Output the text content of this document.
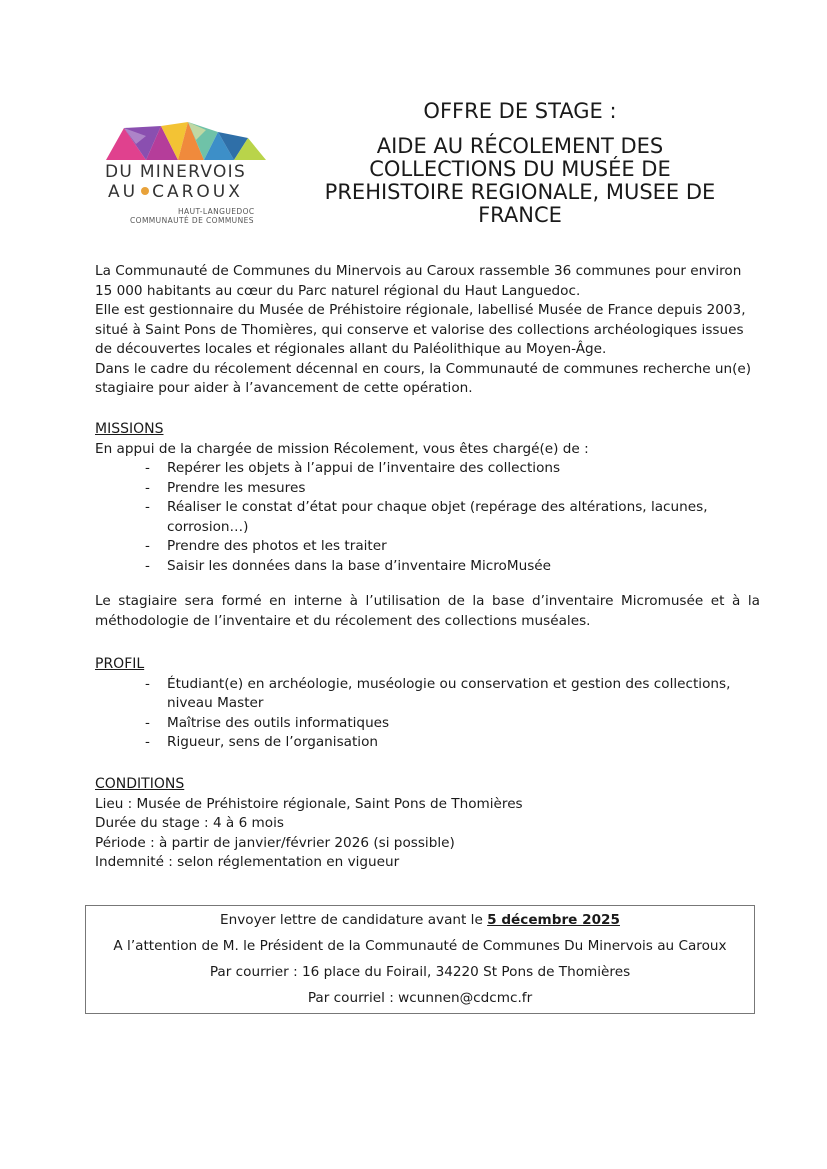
DU MINERVOIS
AU CAROUX
HAUT-LANGUEDOC
COMMUNAUTÉ DE COMMUNES
OFFRE DE STAGE :
AIDE AU RÉCOLEMENT DES
COLLECTIONS DU MUSÉE DE
PREHISTOIRE REGIONALE, MUSEE DE
FRANCE

La Communauté de Communes du Minervois au Caroux rassemble 36 communes pour environ 15 000 habitants au cœur du Parc naturel régional du Haut Languedoc.

Elle est gestionnaire du Musée de Préhistoire régionale, labellisé Musée de France depuis 2003, situé à Saint Pons de Thomières, qui conserve et valorise des collections archéologiques issues de découvertes locales et régionales allant du Paléolithique au Moyen-Âge.

Dans le cadre du récolement décennal en cours, la Communauté de communes recherche un(e) stagiaire pour aider à l’avancement de cette opération.

MISSIONS

En appui de la chargée de mission Récolement, vous êtes chargé(e) de :

- Repérer les objets à l’appui de l’inventaire des collections
- Prendre les mesures
- Réaliser le constat d’état pour chaque objet (repérage des altérations, lacunes, corrosion…)
- Prendre des photos et les traiter
- Saisir les données dans la base d’inventaire MicroMusée
Le stagiaire sera formé en interne à l’utilisation de la base d’inventaire Micromusée et à la méthodologie de l’inventaire et du récolement des collections muséales.

PROFIL

- Étudiant(e) en archéologie, muséologie ou conservation et gestion des collections, niveau Master
- Maîtrise des outils informatiques
- Rigueur, sens de l’organisation

CONDITIONS

Lieu : Musée de Préhistoire régionale, Saint Pons de Thomières

Durée du stage : 4 à 6 mois

Période : à partir de janvier/février 2026 (si possible)

Indemnité : selon réglementation en vigueur

Envoyer lettre de candidature avant le 5 décembre 2025
A l’attention de M. le Président de la Communauté de Communes Du Minervois au Caroux
Par courrier : 16 place du Foirail, 34220 St Pons de Thomières
Par courriel : wcunnen@cdcmc.fr
